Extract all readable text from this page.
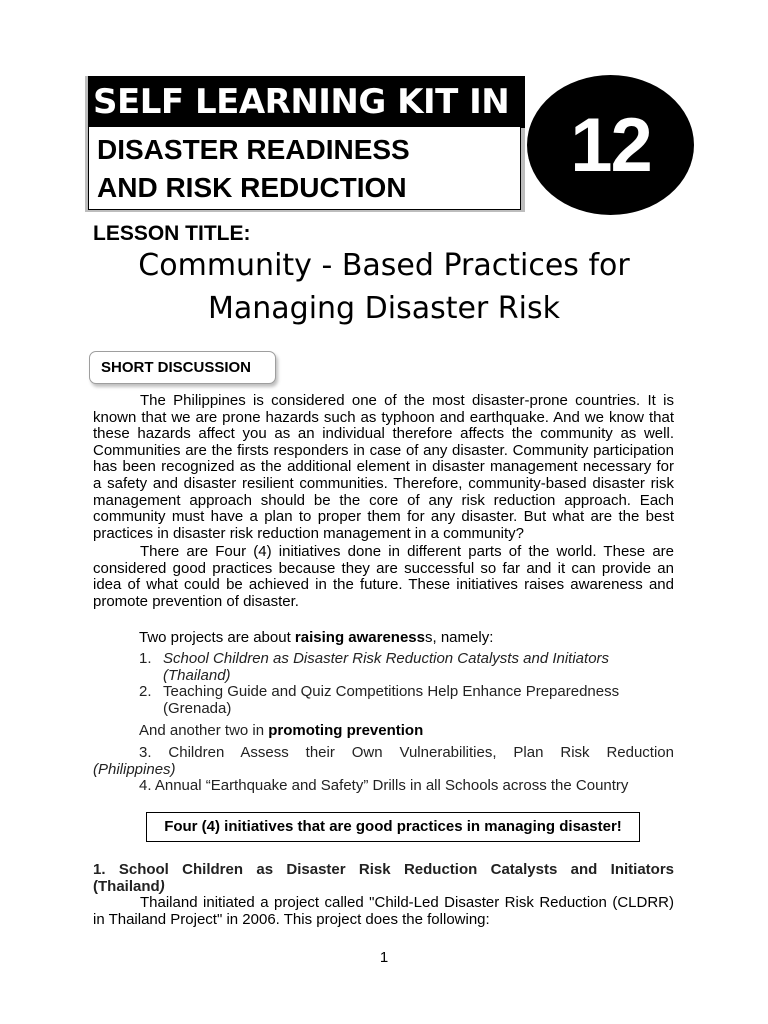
SELF LEARNING KIT IN
DISASTER READINESS
AND RISK REDUCTION	12
LESSON TITLE:
Community - Based Practices for
Managing Disaster Risk
SHORT DISCUSSION

The Philippines is considered one of the most disaster-prone countries. It is known that we are prone hazards such as typhoon and earthquake. And we know that these hazards affect you as an individual therefore affects the community as well. Communities are the firsts responders in case of any disaster. Community participation has been recognized as the additional element in disaster management necessary for a safety and disaster resilient communities. Therefore, community-based disaster risk management approach should be the core of any risk reduction approach. Each community must have a plan to proper them for any disaster. But what are the best practices in disaster risk reduction management in a community?

There are Four (4) initiatives done in different parts of the world. These are considered good practices because they are successful so far and it can provide an idea of what could be achieved in the future. These initiatives raises awareness and promote prevention of disaster.

Two projects are about raising awarenesss, namely:
1. School Children as Disaster Risk Reduction Catalysts and Initiators
(Thailand)
2. Teaching Guide and Quiz Competitions Help Enhance Preparedness
(Grenada)
And another two in promoting prevention
3. Children Assess their Own Vulnerabilities, Plan Risk Reduction
(Philippines)
4. Annual “Earthquake and Safety” Drills in all Schools across the Country
Four (4) initiatives that are good practices in managing disaster!
1. School Children as Disaster Risk Reduction Catalysts and Initiators
(Thailand)

Thailand initiated a project called "Child-Led Disaster Risk Reduction (CLDRR) in Thailand Project" in 2006. This project does the following:

1
